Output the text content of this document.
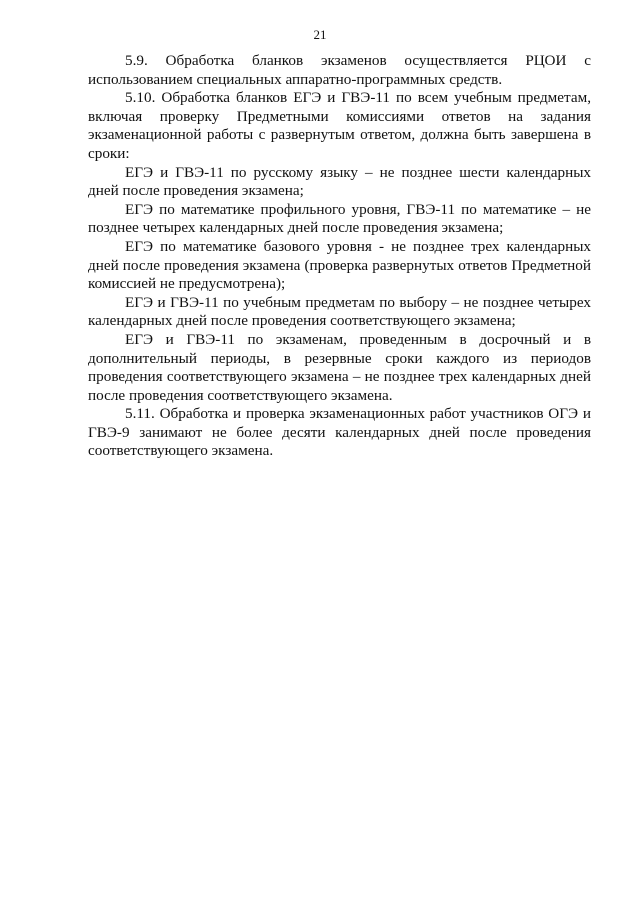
21

5.9. Обработка бланков экзаменов осуществляется РЦОИ с использованием специальных аппаратно-программных средств.

5.10. Обработка бланков ЕГЭ и ГВЭ-11 по всем учебным предметам, включая проверку Предметными комиссиями ответов на задания экзаменационной работы с развернутым ответом, должна быть завершена в сроки:

ЕГЭ и ГВЭ-11 по русскому языку – не позднее шести календарных дней после проведения экзамена;

ЕГЭ по математике профильного уровня, ГВЭ-11 по математике – не позднее четырех календарных дней после проведения экзамена;

ЕГЭ по математике базового уровня - не позднее трех календарных дней после проведения экзамена (проверка развернутых ответов Предметной комиссией не предусмотрена);

ЕГЭ и ГВЭ-11 по учебным предметам по выбору – не позднее четырех календарных дней после проведения соответствующего экзамена;

ЕГЭ и ГВЭ-11 по экзаменам, проведенным в досрочный и в дополнительный периоды, в резервные сроки каждого из периодов проведения соответствующего экзамена – не позднее трех календарных дней после проведения соответствующего экзамена.

5.11. Обработка и проверка экзаменационных работ участников ОГЭ и ГВЭ-9 занимают не более десяти календарных дней после проведения соответствующего экзамена.
